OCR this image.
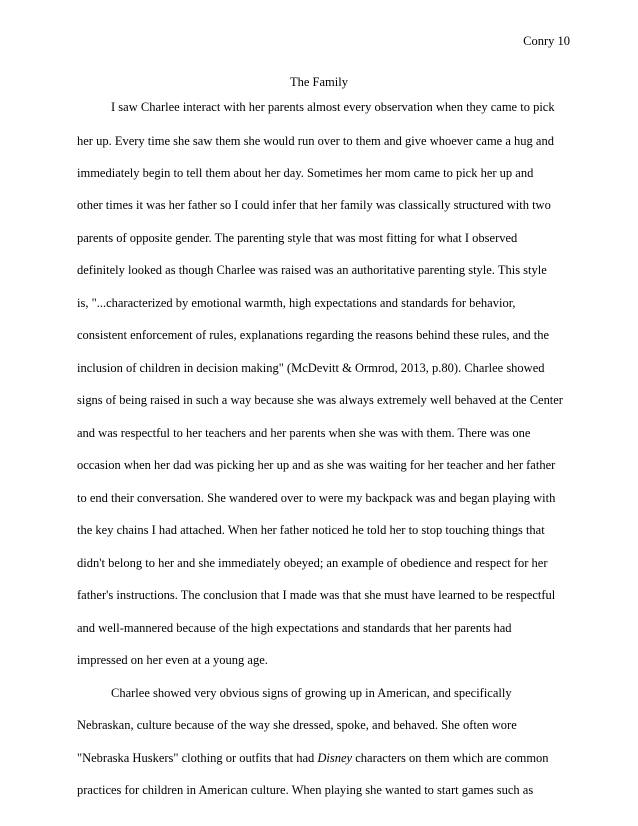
Conry 10
The Family
I saw Charlee interact with her parents almost every observation when they came to pick
her up. Every time she saw them she would run over to them and give whoever came a hug and
immediately begin to tell them about her day. Sometimes her mom came to pick her up and
other times it was her father so I could infer that her family was classically structured with two
parents of opposite gender. The parenting style that was most fitting for what I observed
definitely looked as though Charlee was raised was an authoritative parenting style. This style
is, "...characterized by emotional warmth, high expectations and standards for behavior,
consistent enforcement of rules, explanations regarding the reasons behind these rules, and the
inclusion of children in decision making" (McDevitt & Ormrod, 2013, p.80). Charlee showed
signs of being raised in such a way because she was always extremely well behaved at the Center
and was respectful to her teachers and her parents when she was with them. There was one
occasion when her dad was picking her up and as she was waiting for her teacher and her father
to end their conversation. She wandered over to were my backpack was and began playing with
the key chains I had attached. When her father noticed he told her to stop touching things that
didn't belong to her and she immediately obeyed; an example of obedience and respect for her
father's instructions. The conclusion that I made was that she must have learned to be respectful
and well-mannered because of the high expectations and standards that her parents had
impressed on her even at a young age.
Charlee showed very obvious signs of growing up in American, and specifically
Nebraskan, culture because of the way she dressed, spoke, and behaved. She often wore
"Nebraska Huskers" clothing or outfits that had Disney characters on them which are common
practices for children in American culture. When playing she wanted to start games such as
